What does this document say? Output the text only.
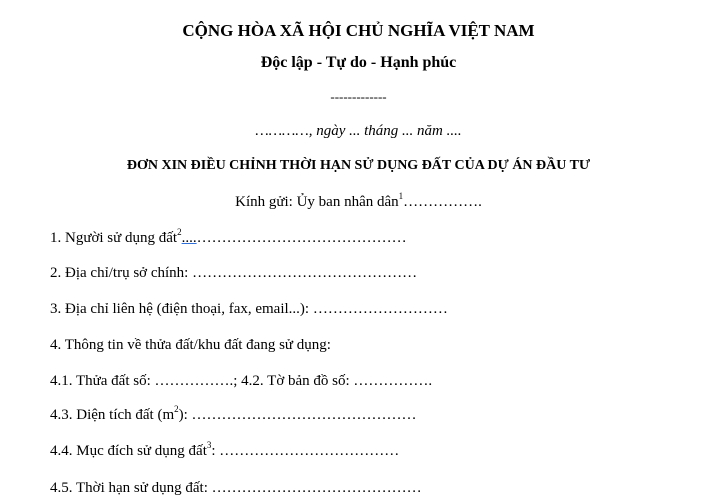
CỘNG HÒA XÃ HỘI CHỦ NGHĨA VIỆT NAM
Độc lập - Tự do - Hạnh phúc
-------------
…………, ngày ... tháng ... năm ....
ĐƠN XIN ĐIỀU CHỈNH THỜI HẠN SỬ DỤNG ĐẤT CỦA DỰ ÁN ĐẦU TƯ
Kính gửi: Ủy ban nhân dân$^1$…………….
1. Người sử dụng đất$^2$....……………………………………
2. Địa chỉ/trụ sở chính: ………………………………………
3. Địa chỉ liên hệ (điện thoại, fax, email...): ………………………
4. Thông tin về thửa đất/khu đất đang sử dụng:
4.1. Thửa đất số: …………….; 4.2. Tờ bản đồ số: …………….
4.3. Diện tích đất $(m^2)$: ………………………………………
4.4. Mục đích sử dụng đất$^3$: ………………………………
4.5. Thời hạn sử dụng đất: ……………………………………
